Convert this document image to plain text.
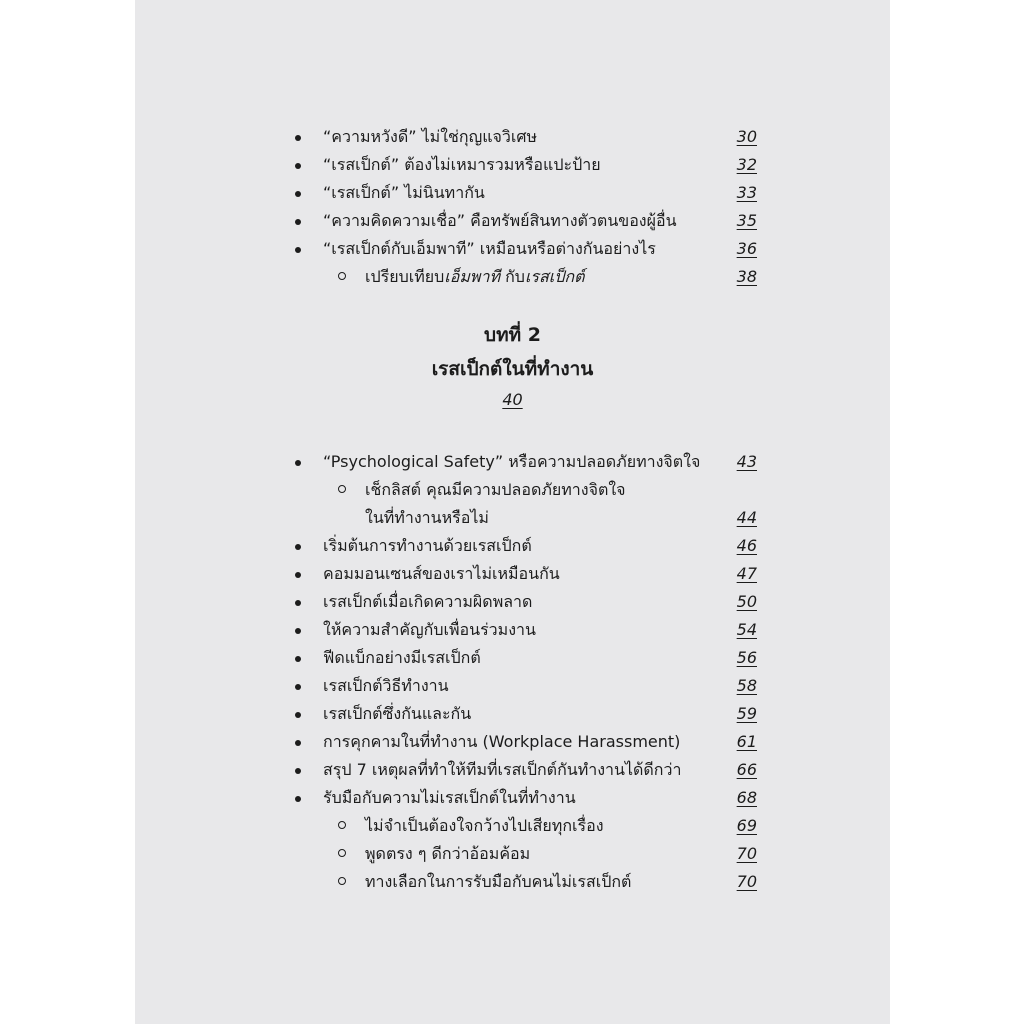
“ความหวังดี” ไม่ใช่กุญแจวิเศษ	30
“เรสเป็กต์” ต้องไม่เหมารวมหรือแปะป้าย	32
“เรสเป็กต์” ไม่นินทากัน	33
“ความคิดความเชื่อ” คือทรัพย์สินทางตัวตนของผู้อื่น	35
“เรสเป็กต์กับเอ็มพาที” เหมือนหรือต่างกันอย่างไร	36
เปรียบเทียบเอ็มพาที กับเรสเป็กต์	38
บทที่ 2
เรสเป็กต์ในที่ทำงาน
40
“Psychological Safety” หรือความปลอดภัยทางจิตใจ 43
เช็กลิสต์ คุณมีความปลอดภัยทางจิตใจ
ในที่ทำงานหรือไม่	44
เริ่มต้นการทำงานด้วยเรสเป็กต์	46
คอมมอนเซนส์ของเราไม่เหมือนกัน	47
เรสเป็กต์เมื่อเกิดความผิดพลาด	50
ให้ความสำคัญกับเพื่อนร่วมงาน	54
ฟีดแบ็กอย่างมีเรสเป็กต์	56
เรสเป็กต์วิธีทำงาน	58
เรสเป็กต์ซึ่งกันและกัน	59
การคุกคามในที่ทำงาน (Workplace Harassment)	61
สรุป 7 เหตุผลที่ทำให้ทีมที่เรสเป็กต์กันทำงานได้ดีกว่า	66
รับมือกับความไม่เรสเป็กต์ในที่ทำงาน	68
ไม่จำเป็นต้องใจกว้างไปเสียทุกเรื่อง	69
พูดตรง ๆ ดีกว่าอ้อมค้อม	70
ทางเลือกในการรับมือกับคนไม่เรสเป็กต์	70
